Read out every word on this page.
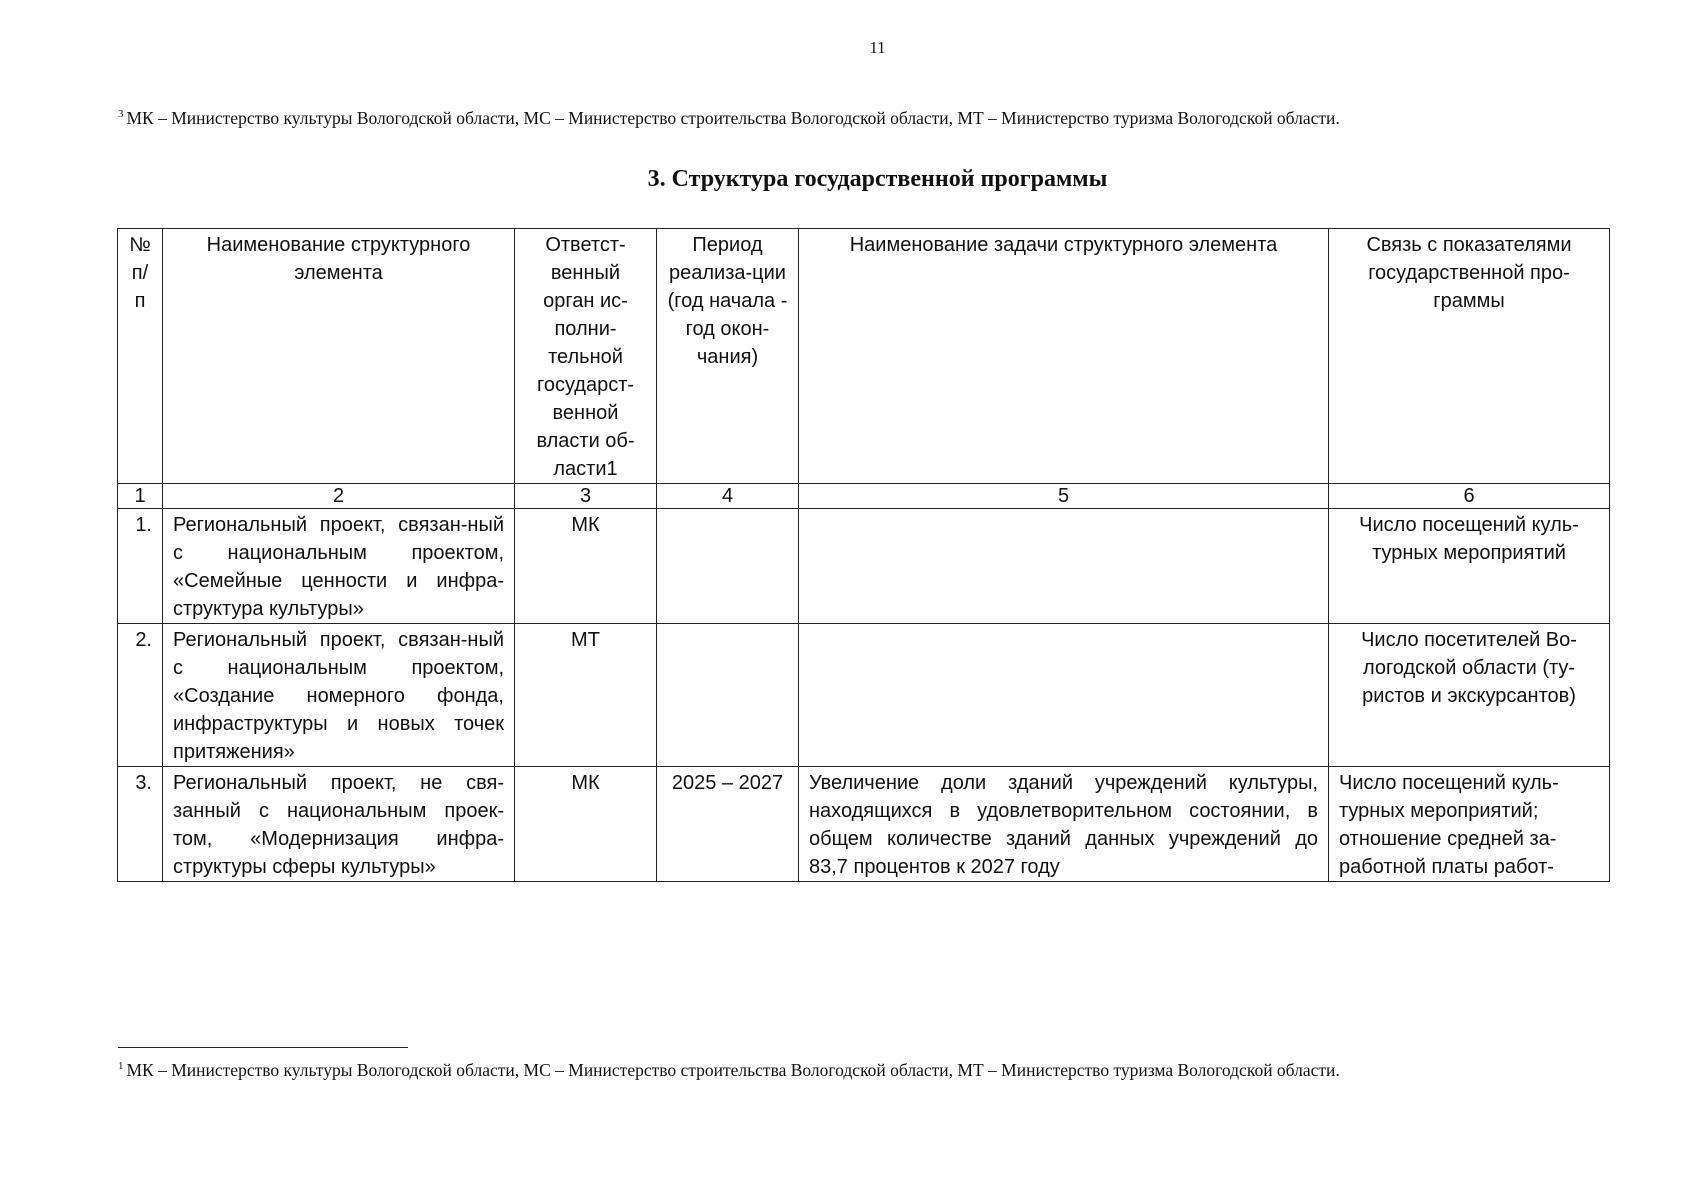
11
$^3$ МК – Министерство культуры Вологодской области, МС – Министерство строительства Вологодской области, МТ – Министерство туризма Вологодской области.
3. Структура государственной программы
№ п/п	Наименование структурного элемента	Ответст-венный орган ис-полни-тельной государст-венной власти об-ласти1	Период реализа-ции (год начала - год окон-чания)	Наименование задачи структурного элемента	Связь с показателями государственной про-граммы
1	2	3	4	5	6
1.	Региональный проект, связан-ный с национальным проектом, «Семейные ценности и инфра-структура культуры»	МК			Число посещений куль-турных мероприятий
2.	Региональный проект, связан-ный с национальным проектом, «Создание номерного фонда, инфраструктуры и новых точек притяжения»	МТ			Число посетителей Во-логодской области (ту-ристов и экскурсантов)
3.	Региональный проект, не свя-занный с национальным проек-том, «Модернизация инфра-структуры сферы культуры»	МК	2025 – 2027	Увеличение доли зданий учреждений культуры, находящихся в удовлетворительном состоянии, в общем количестве зданий данных учреждений до 83,7 процентов к 2027 году	Число посещений куль-турных мероприятий; отношение средней за-работной платы работ-
$^1$ МК – Министерство культуры Вологодской области, МС – Министерство строительства Вологодской области, МТ – Министерство туризма Вологодской области.
